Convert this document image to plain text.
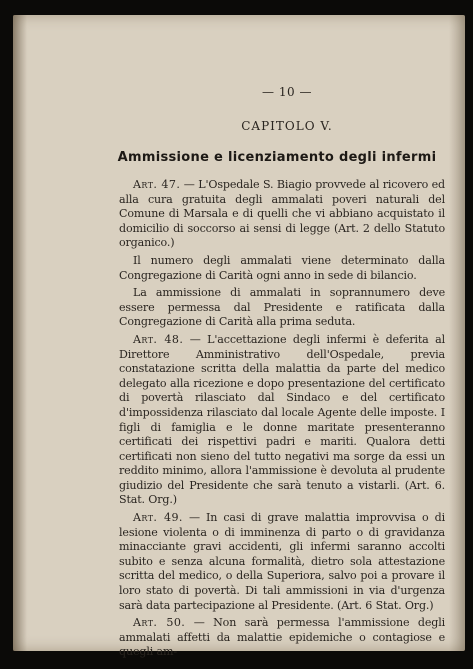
— 10 —
CAPITOLO V.
Ammissione e licenziamento degli infermi

Art. 47. — L'Ospedale S. Biagio provvede al ricovero ed alla cura gratuita degli ammalati poveri naturali del Comune di Marsala e di quelli che vi abbiano acquistato il domicilio di soccorso ai sensi di legge (Art. 2 dello Statuto organico.)

Il numero degli ammalati viene determinato dalla Congregazione di Carità ogni anno in sede di bilancio.

La ammissione di ammalati in soprannumero deve essere permessa dal Presidente e ratificata dalla Congregazione di Carità alla prima seduta.

Art. 48. — L'accettazione degli infermi è deferita al Direttore Amministrativo dell'Ospedale, previa constatazione scritta della malattia da parte del medico delegato alla ricezione e dopo presentazione del certificato di povertà rilasciato dal Sindaco e del certificato d'impossidenza rilasciato dal locale Agente delle imposte. I figli di famiglia e le donne maritate presenteranno certificati dei rispettivi padri e mariti. Qualora detti certificati non sieno del tutto negativi ma sorge da essi un reddito minimo, allora l'ammissione è devoluta al prudente giudizio del Presidente che sarà tenuto a vistarli. (Art. 6. Stat. Org.)

Art. 49. — In casi di grave malattia improvvisa o di lesione violenta o di imminenza di parto o di gravidanza minacciante gravi accidenti, gli infermi saranno accolti subito e senza alcuna formalità, dietro sola attestazione scritta del medico, o della Superiora, salvo poi a provare il loro stato di povertà. Di tali ammissioni in via d'urgenza sarà data partecipazione al Presidente. (Art. 6 Stat. Org.)

Art. 50. — Non sarà permessa l'ammissione degli ammalati affetti da malattie epidemiche o contagiose e quegli am-
